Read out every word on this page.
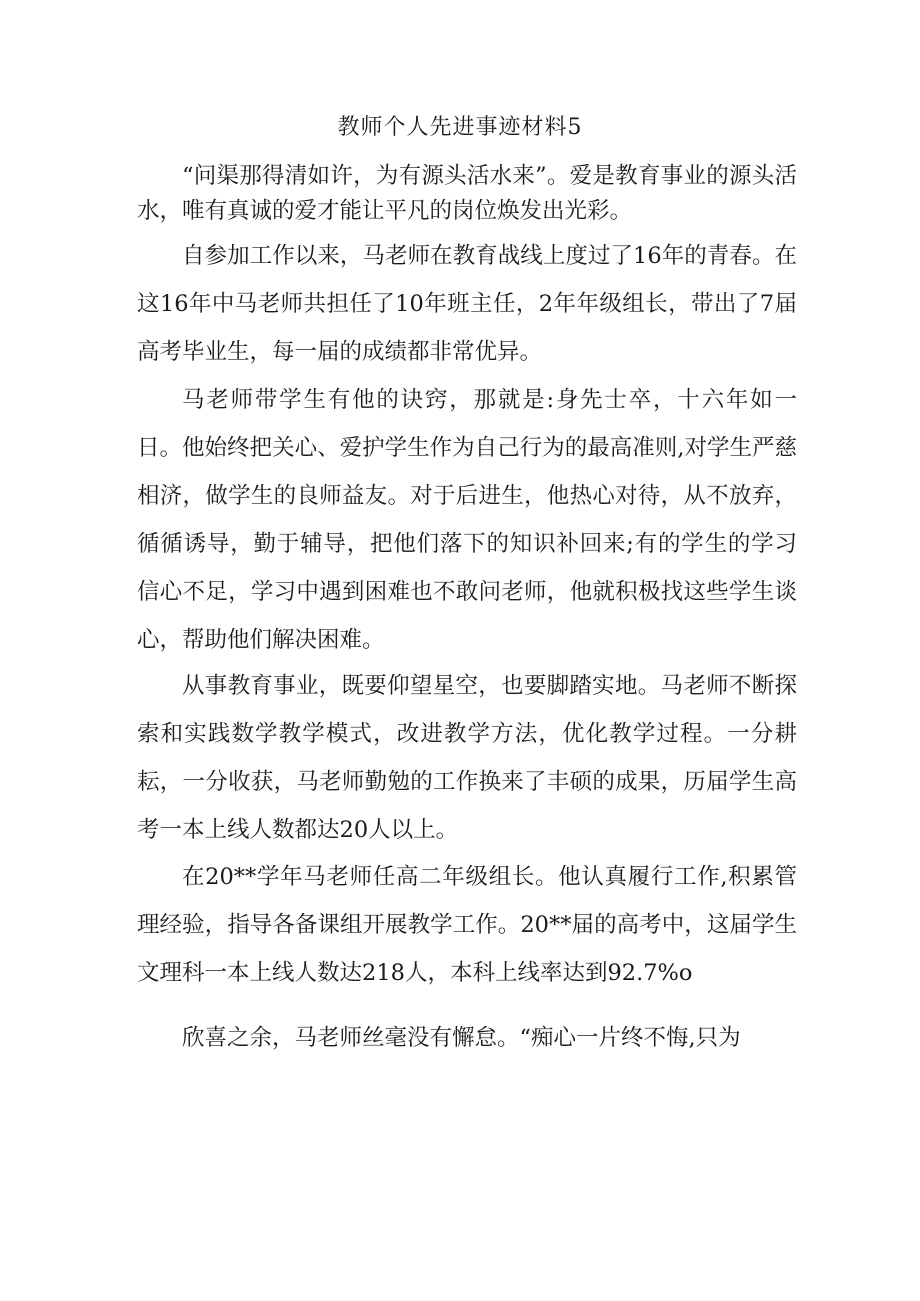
教师个人先进事迹材料5

“问渠那得清如许，为有源头活水来”。爱是教育事业的源头活水，唯有真诚的爱才能让平凡的岗位焕发出光彩。

自参加工作以来，马老师在教育战线上度过了16年的青春。在这16年中马老师共担任了10年班主任，2年年级组长，带出了7届高考毕业生，每一届的成绩都非常优异。

马老师带学生有他的诀窍，那就是:身先士卒，十六年如一日。他始终把关心、爱护学生作为自己行为的最高准则,对学生严慈相济，做学生的良师益友。对于后进生，他热心对待，从不放弃，循循诱导，勤于辅导，把他们落下的知识补回来;有的学生的学习信心不足，学习中遇到困难也不敢问老师，他就积极找这些学生谈心，帮助他们解决困难。

从事教育事业，既要仰望星空，也要脚踏实地。马老师不断探索和实践数学教学模式，改进教学方法，优化教学过程。一分耕耘，一分收获，马老师勤勉的工作换来了丰硕的成果，历届学生高考一本上线人数都达20人以上。

在20**学年马老师任高二年级组长。他认真履行工作,积累管理经验，指导各备课组开展教学工作。20**届的高考中，这届学生文理科一本上线人数达218人，本科上线率达到92.7%o

欣喜之余，马老师丝毫没有懈怠。“痴心一片终不悔,只为
